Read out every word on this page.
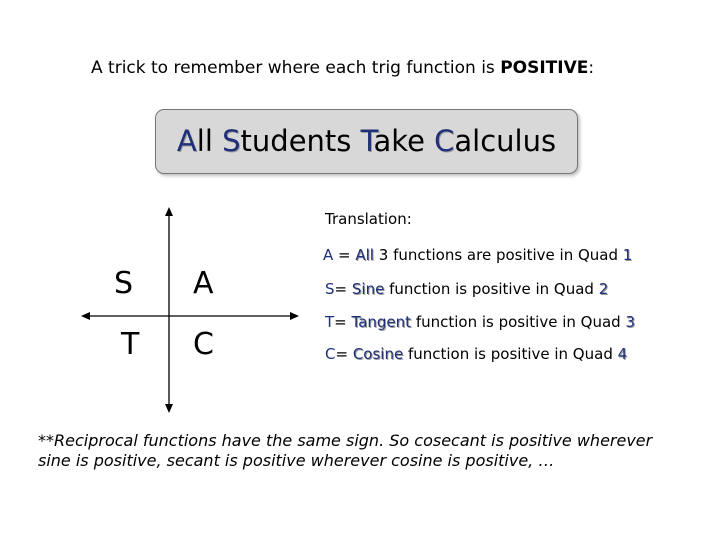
A trick to remember where each trig function is POSITIVE:
All Students Take Calculus
S A
T C
Translation:
A = All 3 functions are positive in Quad 1
S= Sine function is positive in Quad 2
T= Tangent function is positive in Quad 3
C= Cosine function is positive in Quad 4
**Reciprocal functions have the same sign. So cosecant is positive wherever sine is positive, secant is positive wherever cosine is positive, …
